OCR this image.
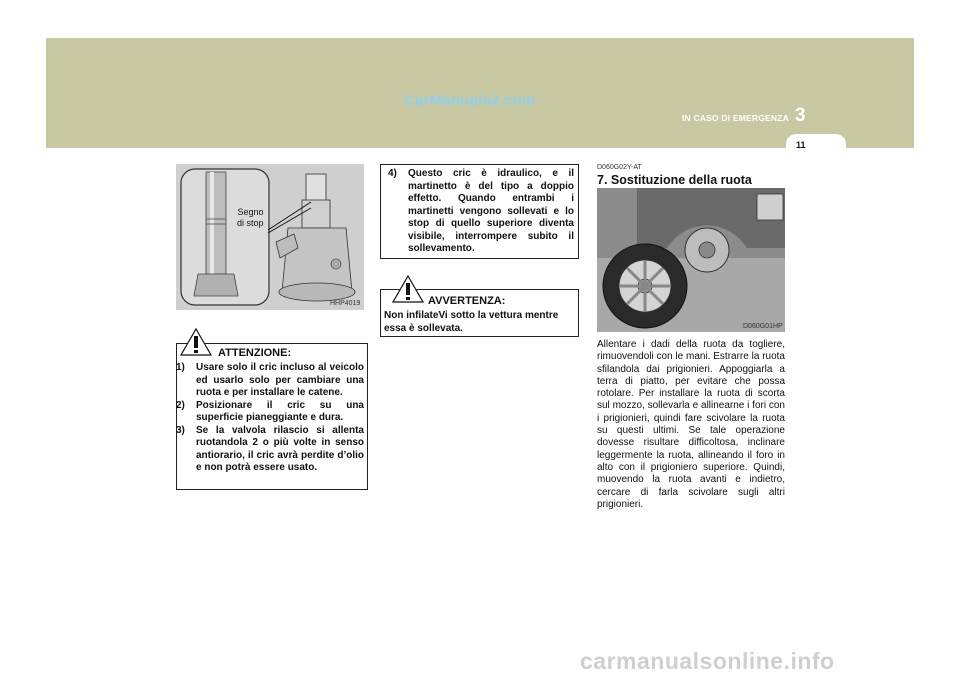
CarManuals2.com
IN CASO DI EMERGENZA 3
11
Segno
di stop
HHP4019
ATTENZIONE:
1) Usare solo il cric incluso al veicolo ed usarlo solo per cambiare una ruota e per installare le catene.
2) Posizionare il cric su una superficie pianeggiante e dura.
3) Se la valvola rilascio si allenta ruotandola 2 o più volte in senso antiorario, il cric avrà perdite d’olio e non potrà essere usato.
4) Questo cric è idraulico, e il martinetto è del tipo a doppio effetto. Quando entrambi i martinetti vengono sollevati e lo stop di quello superiore diventa visibile, interrompere subito il sollevamento.
AVVERTENZA:
Non infilateVi sotto la vettura mentre essa è sollevata.
D060G02Y-AT
7. Sostituzione della ruota
D060G01HP
Allentare i dadi della ruota da togliere, rimuovendoli con le mani. Estrarre la ruota sfilandola dai prigionieri. Appoggiarla a terra di piatto, per evitare che possa rotolare. Per installare la ruota di scorta sul mozzo, sollevarla e allinearne i fori con i prigionieri, quindi fare scivolare la ruota su questi ultimi. Se tale operazione dovesse risultare difficoltosa, inclinare leggermente la ruota, allineando il foro in alto con il prigioniero superiore. Quindi, muovendo la ruota avanti e indietro, cercare di farla scivolare sugli altri prigionieri.
carmanualsonline.info
